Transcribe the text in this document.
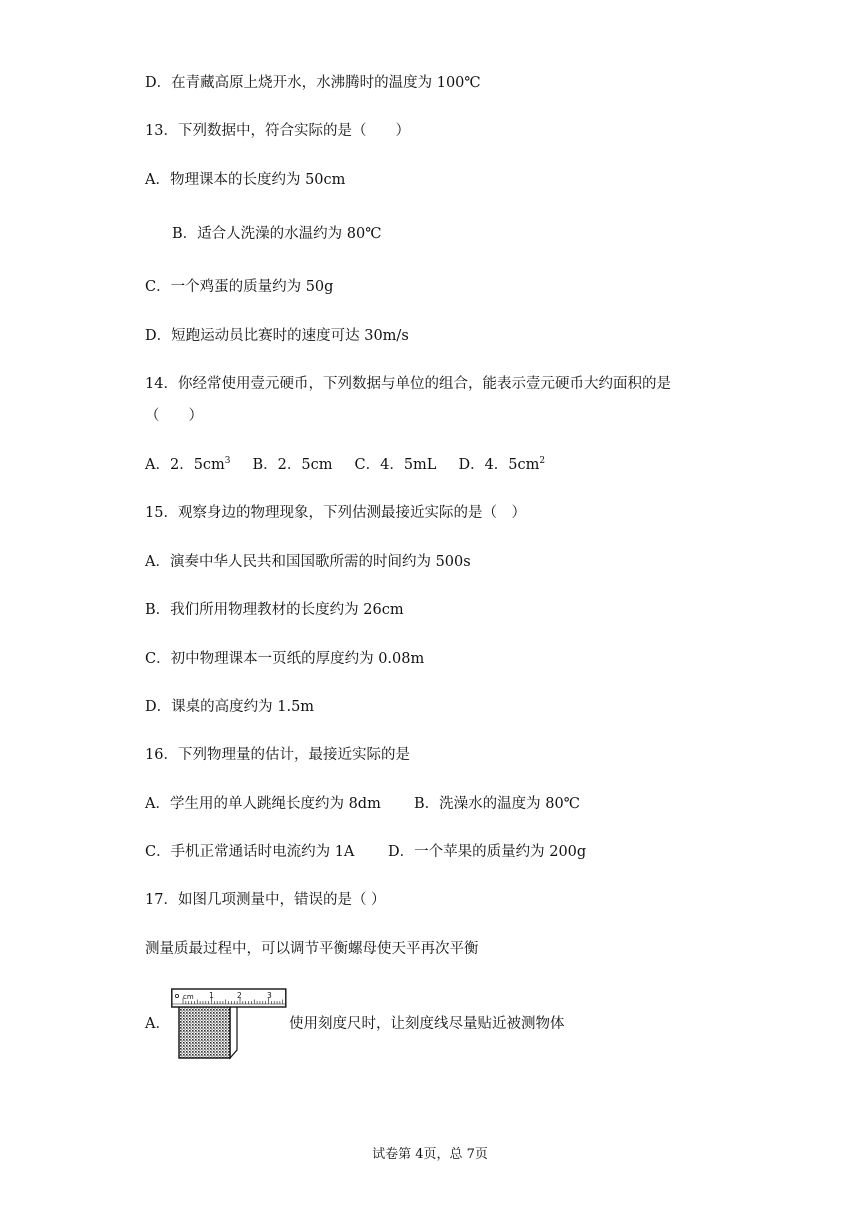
D．在青藏高原上烧开水，水沸腾时的温度为 100℃
13．下列数据中，符合实际的是（　　）
A．物理课本的长度约为 50cm
B．适合人洗澡的水温约为 80℃
C．一个鸡蛋的质量约为 50g
D．短跑运动员比赛时的速度可达 30m/s
14．你经常使用壹元硬币，下列数据与单位的组合，能表示壹元硬币大约面积的是
（　　）
A．2．$5cm^3$ B．2．5cm C．4．5mL D．4．$5cm^2$
15．观察身边的物理现象，下列估测最接近实际的是（　）
A．演奏中华人民共和国国歌所需的时间约为 500s
B．我们所用物理教材的长度约为 26cm
C．初中物理课本一页纸的厚度约为 0.08m
D．课桌的高度约为 1.5m
16．下列物理量的估计，最接近实际的是
A．学生用的单人跳绳长度约为 8dm B．洗澡水的温度为 80℃
C．手机正常通话时电流约为 1A D．一个苹果的质量约为 200g
17．如图几项测量中，错误的是（ ）
测量质最过程中，可以调节平衡螺母使天平再次平衡
A．
cm 1	2	3
使用刻度尺时，让刻度线尽量贴近被测物体
试卷第 4页，总 7页
